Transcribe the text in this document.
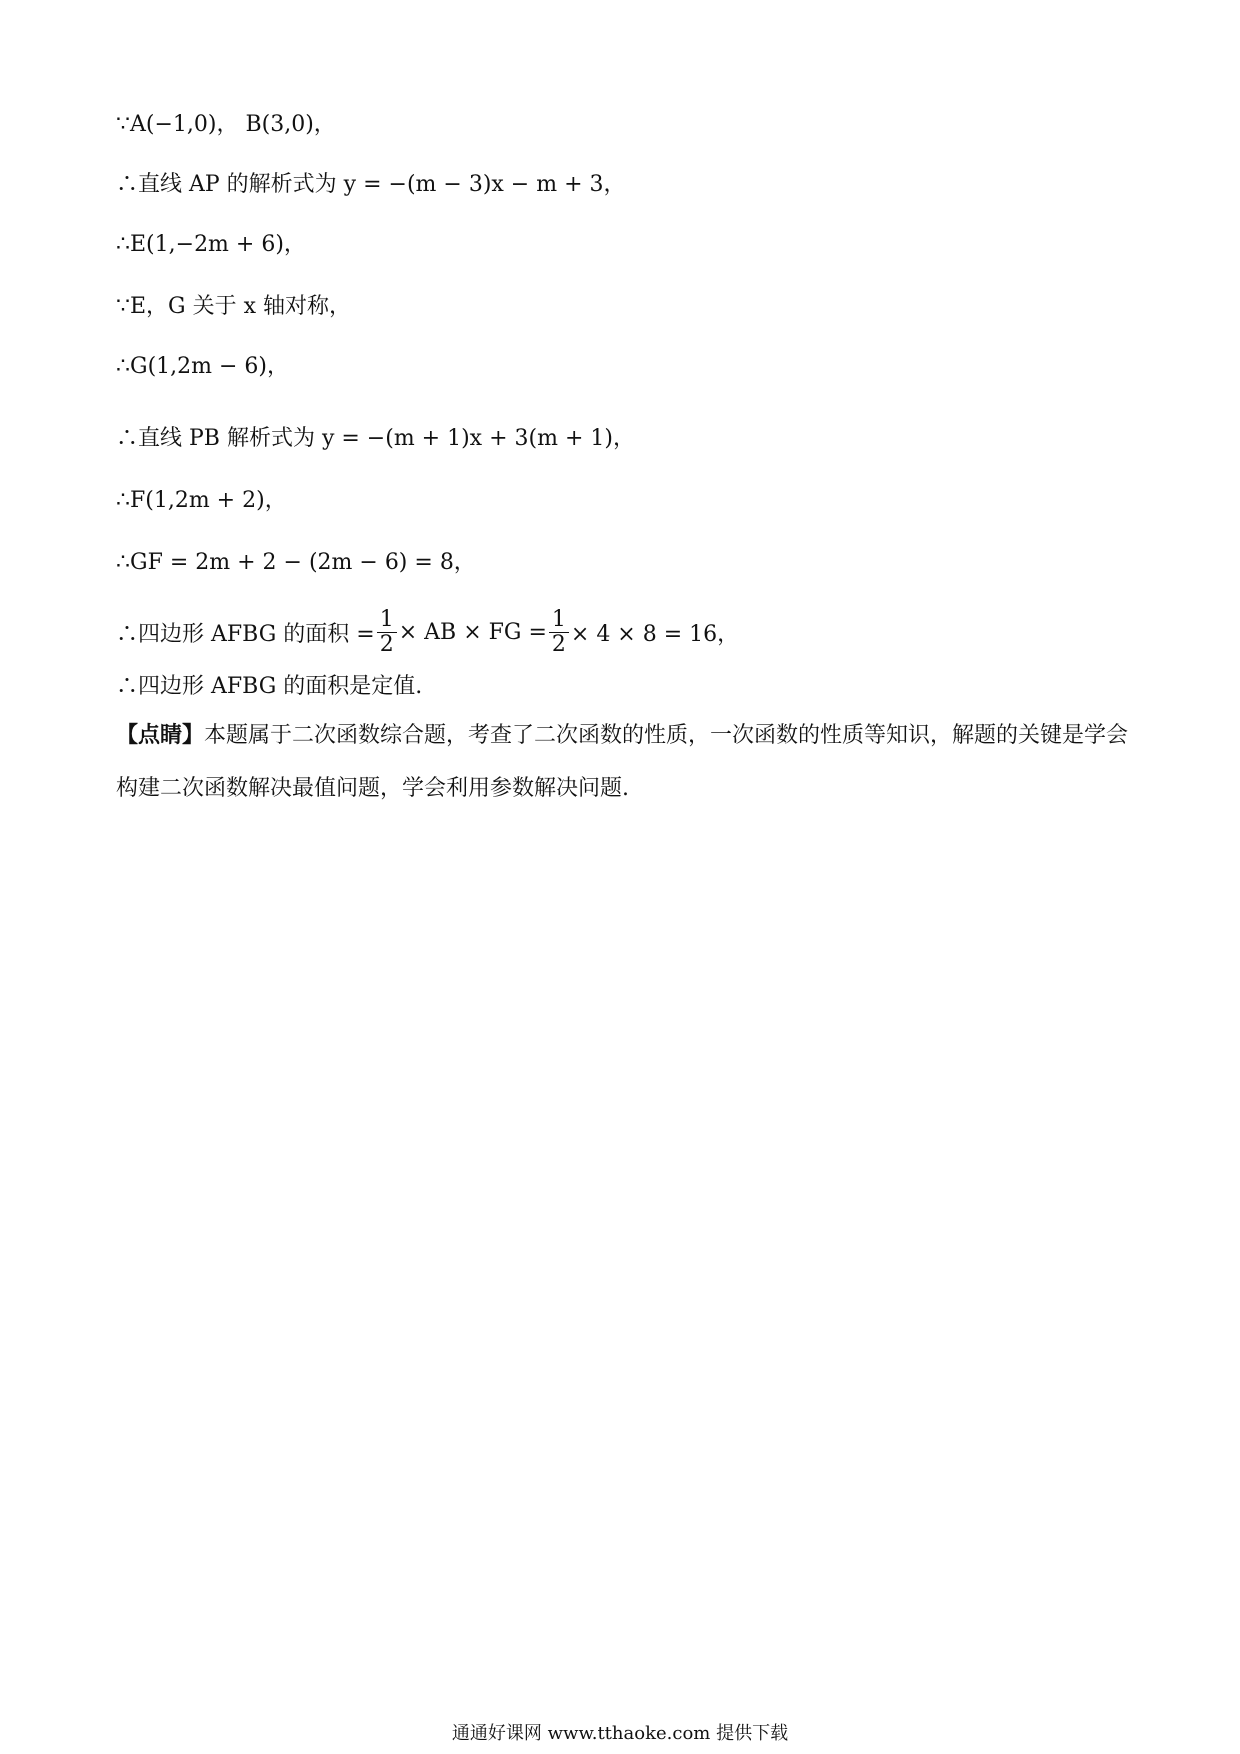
∵A(−1,0)， B(3,0)，
∴直线 AP 的解析式为 y = −(m − 3)x − m + 3，
∴E(1,−2m + 6)，
∵E，G 关于 x 轴对称，
∴G(1,2m − 6)，
∴直线 PB 解析式为 y = −(m + 1)x + 3(m + 1)，
∴F(1,2m + 2)，
∴GF = 2m + 2 − (2m − 6) = 8，
∴四边形 AFBG 的面积 = $\frac{1}{2}$ × AB × FG = $\frac{1}{2} \times 4 \times 8 = 16$，
∴四边形 AFBG 的面积是定值.
【点睛】本题属于二次函数综合题，考查了二次函数的性质，一次函数的性质等知识，解题的关键是学会
构建二次函数解决最值问题，学会利用参数解决问题.
通通好课网 www.tthaoke.com 提供下载
